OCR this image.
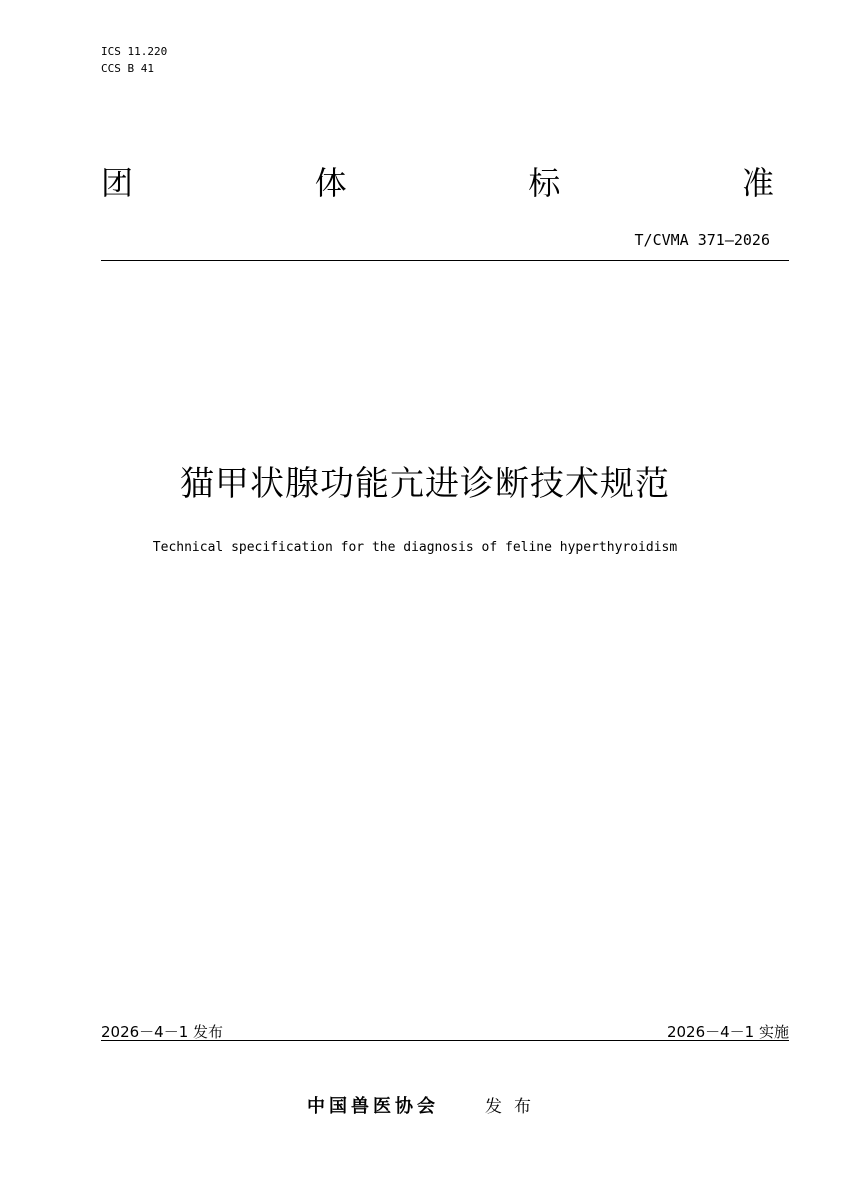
ICS 11.220
CCS B 41
团	体	标	准
T/CVMA 371—2026
猫甲状腺功能亢进诊断技术规范
Technical specification for the diagnosis of feline hyperthyroidism
2026－4－1 发布	2026－4－1 实施
中国兽医协会	发布
